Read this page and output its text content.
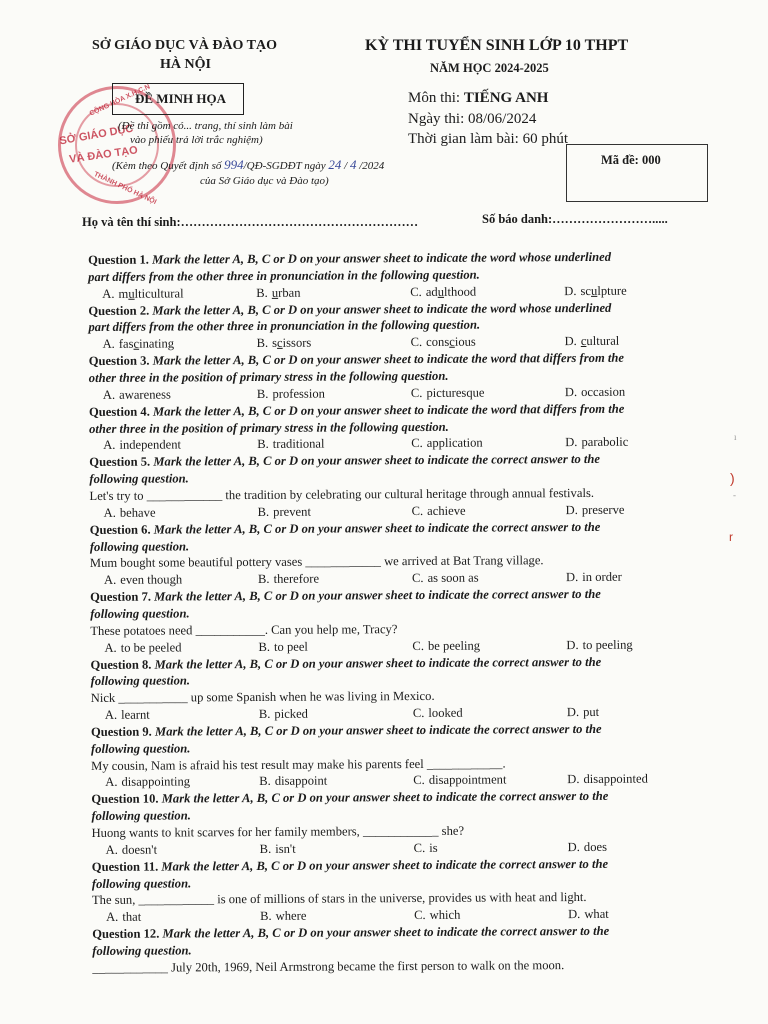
SỞ GIÁO DỤC VÀ ĐÀO TẠO
HÀ NỘI
KỲ THI TUYỂN SINH LỚP 10 THPT
NĂM HỌC 2024-2025
CỘNG HÒA X.H.C.N
SỞ GIÁO DỤC
VÀ ĐÀO TẠO
THÀNH PHỐ HÀ NỘI
ĐỀ MINH HỌA
(Đề thi gồm có... trang, thí sinh làm bài
vào phiếu trả lời trắc nghiệm)
(Kèm theo Quyết định số 994/QĐ-SGDĐT ngày 24 / 4 /2024
của Sở Giáo dục và Đào tạo)
Môn thi: TIẾNG ANH
Ngày thi: 08/06/2024
Thời gian làm bài: 60 phút
Mã đề: 000
Họ và tên thí sinh:…………………………………………………	Số báo danh:…………………….....
)
ı
-
r
Question 1. Mark the letter A, B, C or D on your answer sheet to indicate the word whose underlined
part differs from the other three in pronunciation in the following question.
A. multicultural	B. urban	C. adulthood	D. sculpture
Question 2. Mark the letter A, B, C or D on your answer sheet to indicate the word whose underlined
part differs from the other three in pronunciation in the following question.
A. fascinating	B. scissors	C. conscious	D. cultural
Question 3. Mark the letter A, B, C or D on your answer sheet to indicate the word that differs from the
other three in the position of primary stress in the following question.
A. awareness	B. profession	C. picturesque	D. occasion
Question 4. Mark the letter A, B, C or D on your answer sheet to indicate the word that differs from the
other three in the position of primary stress in the following question.
A. independent	B. traditional	C. application	D. parabolic
Question 5. Mark the letter A, B, C or D on your answer sheet to indicate the correct answer to the
following question.
Let's try to ____________ the tradition by celebrating our cultural heritage through annual festivals.
A. behave	B. prevent	C. achieve	D. preserve
Question 6. Mark the letter A, B, C or D on your answer sheet to indicate the correct answer to the
following question.
Mum bought some beautiful pottery vases ____________ we arrived at Bat Trang village.
A. even though	B. therefore	C. as soon as	D. in order
Question 7. Mark the letter A, B, C or D on your answer sheet to indicate the correct answer to the
following question.
These potatoes need ___________. Can you help me, Tracy?
A. to be peeled	B. to peel	C. be peeling	D. to peeling
Question 8. Mark the letter A, B, C or D on your answer sheet to indicate the correct answer to the
following question.
Nick ___________ up some Spanish when he was living in Mexico.
A. learnt	B. picked	C. looked	D. put
Question 9. Mark the letter A, B, C or D on your answer sheet to indicate the correct answer to the
following question.
My cousin, Nam is afraid his test result may make his parents feel ____________.
A. disappointing	B. disappoint	C. disappointment	D. disappointed
Question 10. Mark the letter A, B, C or D on your answer sheet to indicate the correct answer to the
following question.
Huong wants to knit scarves for her family members, ____________ she?
A. doesn't	B. isn't	C. is	D. does
Question 11. Mark the letter A, B, C or D on your answer sheet to indicate the correct answer to the
following question.
The sun, ____________ is one of millions of stars in the universe, provides us with heat and light.
A. that	B. where	C. which	D. what
Question 12. Mark the letter A, B, C or D on your answer sheet to indicate the correct answer to the
following question.
____________ July 20th, 1969, Neil Armstrong became the first person to walk on the moon.
